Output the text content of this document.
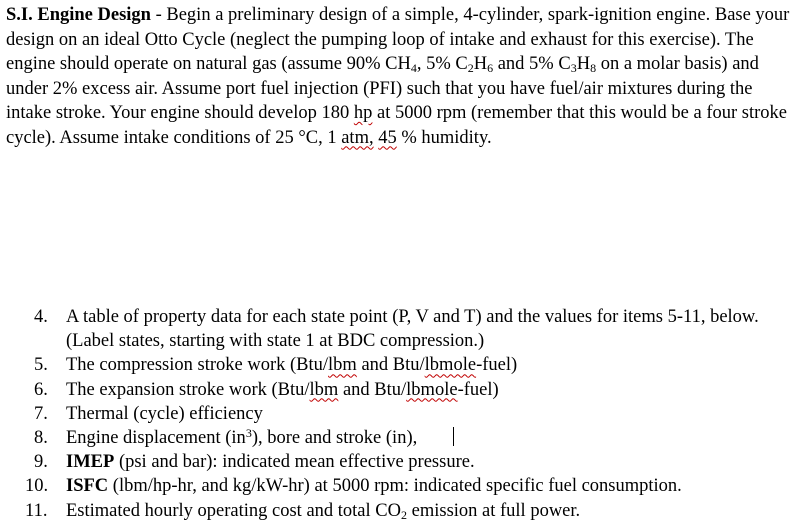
S.I. Engine Design - Begin a preliminary design of a simple, 4-cylinder, spark-ignition engine. Base your design on an ideal Otto Cycle (neglect the pumping loop of intake and exhaust for this exercise). The engine should operate on natural gas (assume 90% $CH_4$, 5% $C_2H_6$ and 5% $C_3H_8$ on a molar basis) and under 2% excess air. Assume port fuel injection (PFI) such that you have fuel/air mixtures during the intake stroke. Your engine should develop 180 hp at 5000 rpm (remember that this would be a four stroke cycle). Assume intake conditions of 25 °C, 1 atm, 45 % humidity.

4. A table of property data for each state point (P, V and T) and the values for items 5-11, below. (Label states, starting with state 1 at BDC compression.)
5. The compression stroke work (Btu/lbm and Btu/lbmole-fuel)
6. The expansion stroke work (Btu/lbm and Btu/lbmole-fuel)
7. Thermal (cycle) efficiency
8. Engine displacement $(in^3)$, bore and stroke (in),
9. IMEP (psi and bar): indicated mean effective pressure.
10. ISFC (lbm/hp-hr, and kg/kW-hr) at 5000 rpm: indicated specific fuel consumption.
11. Estimated hourly operating cost and total $CO_2$ emission at full power.
